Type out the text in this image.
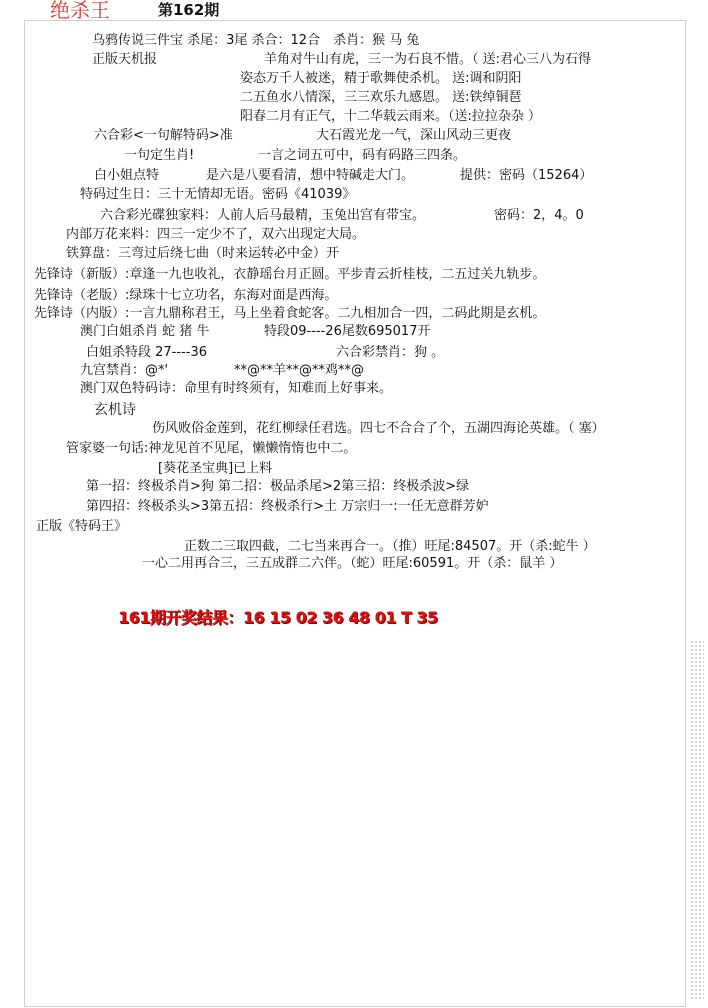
绝杀王	第162期
乌鸦传说三件宝 杀尾：3尾 杀合：12合　杀肖：猴 马 兔
正版天机报	羊角对牛山有虎，三一为石良不惜。（ 送:君心三八为石得
姿态万千人被迷，精于歌舞使杀机。 送:调和阴阳
二五鱼水八情深，三三欢乐九感恩。 送:铁绰铜琶
阳春二月有正气，十二华载云雨来。（送:拉拉杂杂 ）
六合彩<一句解特码>准	大石霞光龙一气，深山风动三更夜
一句定生肖!	一言之词五可中，码有码路三四条。
白小姐点特	是六是八要看清，想中特碱走大门。	提供：密码（15264）
特码过生日：三十无情却无语。密码《41039》
六合彩光碟独家料：人前人后马最精，玉兔出宫有带宝。	密码：2，4。0
内部万花来料：四三一定少不了，双六出现定大局。
铁算盘：三弯过后绕七曲（时来运转必中金）开
先锋诗（新版）:章逢一九也收礼，衣静瑶台月正圆。平步青云折桂枝，二五过关九轨步。
先锋诗（老版）:绿珠十七立功名，东海对面是西海。
先锋诗（内版）:一言九鼎称君王，马上坐着食蛇客。二九相加合一四，二码此期是玄机。
澳门白姐杀肖 蛇 猪 牛	特段09----26尾数695017开
白姐杀特段 27----36	六合彩禁肖：狗 。
九宫禁肖：@*'	**@**羊**@**鸡**@
澳门双色特码诗：命里有时终须有，知难而上好事来。
玄机诗
伤风败俗金莲到，花红柳绿任君选。四七不合合了个，五湖四海论英雄。（ 塞）
管家婆一句话:神龙见首不见尾，懒懒惰惰也中二。
[葵花圣宝典]已上料
第一招：终极杀肖>狗 第二招：极品杀尾>2第三招：终极杀波>绿
第四招：终极杀头>3第五招：终极杀行>土 万宗归一:一任无意群芳妒
正版《特码王》
正数二三取四截，二七当来再合一。（推）旺尾:84507。开（杀:蛇牛 ）
一心二用再合三，三五成群二六伴。（蛇）旺尾:60591。开（杀：鼠羊 ）
161期开奖结果：16 15 02 36 48 01 T 35
